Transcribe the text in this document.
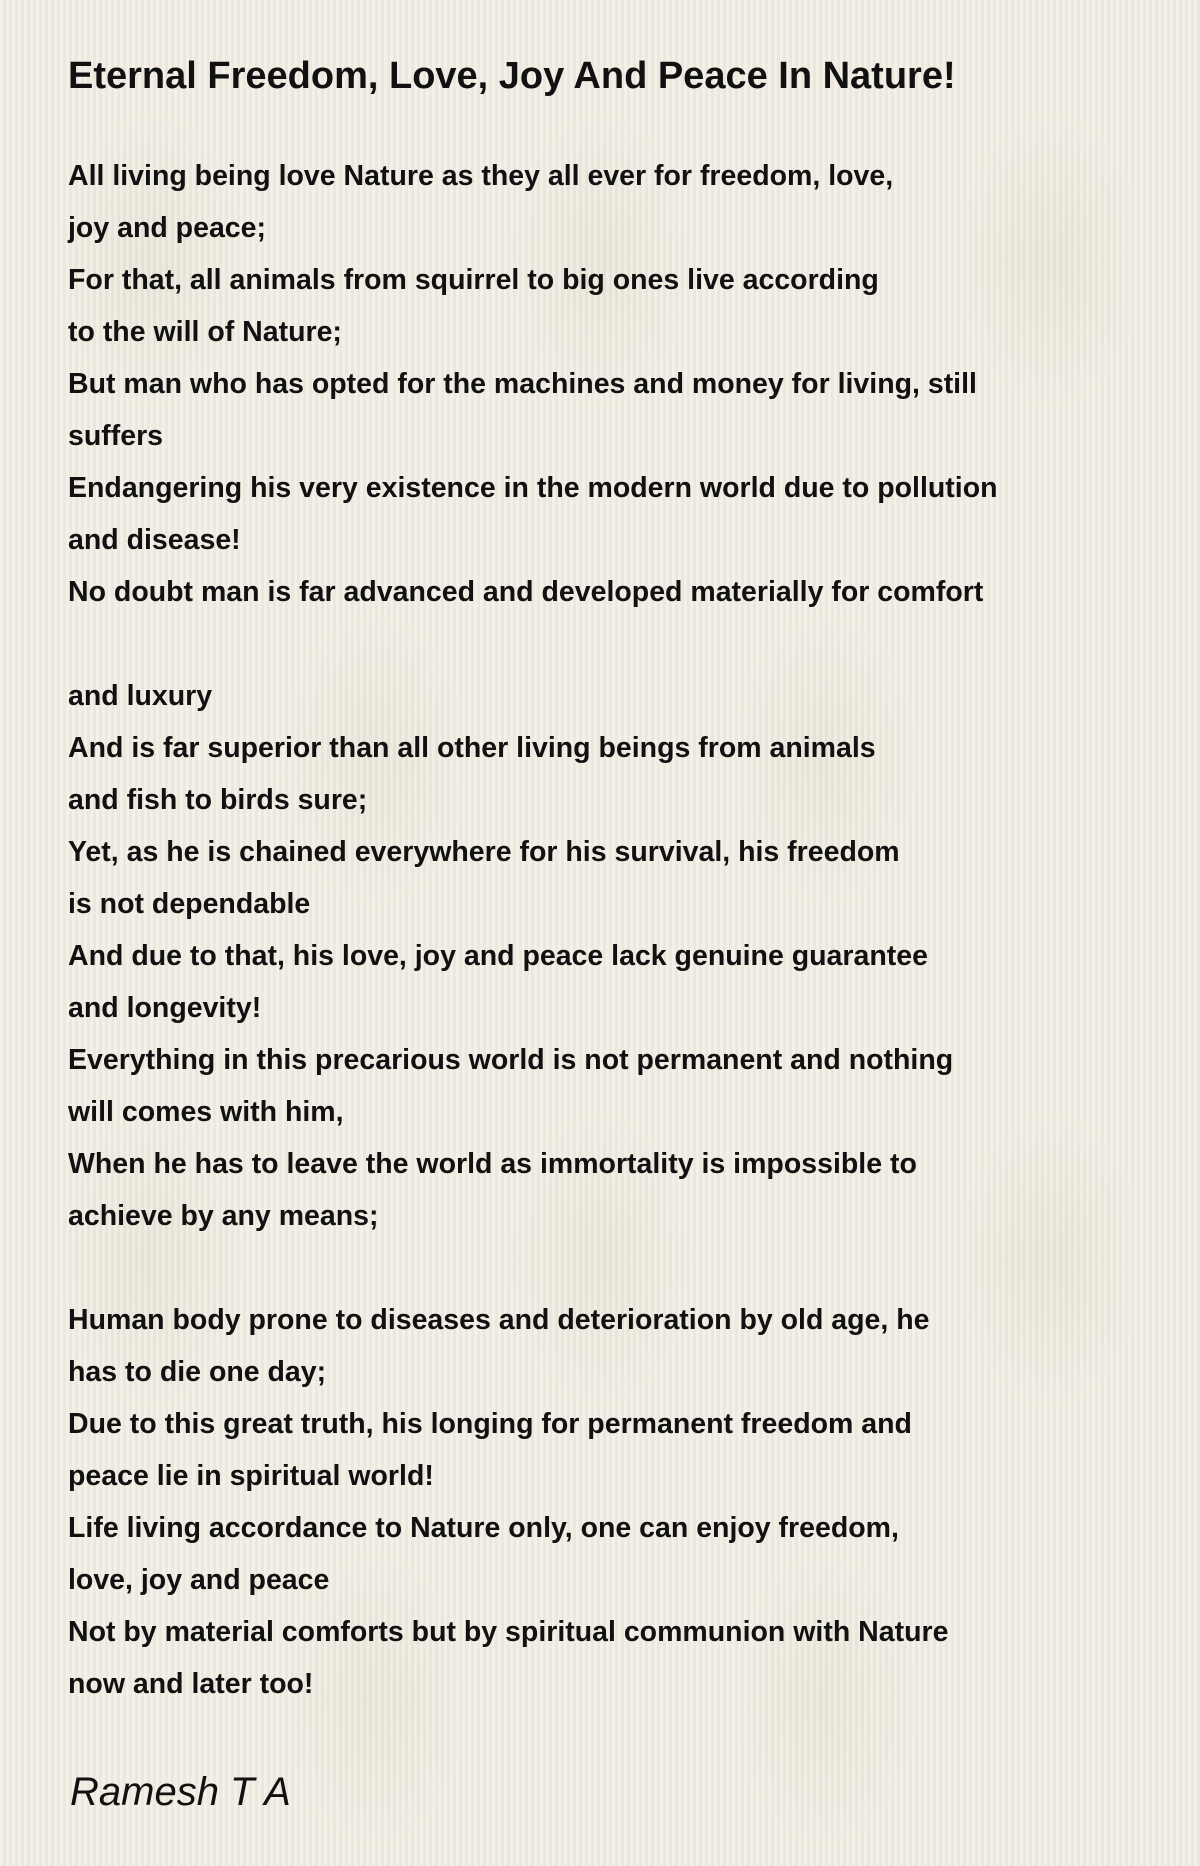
Eternal Freedom, Love, Joy And Peace In Nature!
All living being love Nature as they all ever for freedom, love,
joy and peace;
For that, all animals from squirrel to big ones live according
to the will of Nature;
But man who has opted for the machines and money for living, still
suffers
Endangering his very existence in the modern world due to pollution
and disease!
No doubt man is far advanced and developed materially for comfort
and luxury
And is far superior than all other living beings from animals
and fish to birds sure;
Yet, as he is chained everywhere for his survival, his freedom
is not dependable
And due to that, his love, joy and peace lack genuine guarantee
and longevity!
Everything in this precarious world is not permanent and nothing
will comes with him,
When he has to leave the world as immortality is impossible to
achieve by any means;
Human body prone to diseases and deterioration by old age, he
has to die one day;
Due to this great truth, his longing for permanent freedom and
peace lie in spiritual world!
Life living accordance to Nature only, one can enjoy freedom,
love, joy and peace
Not by material comforts but by spiritual communion with Nature
now and later too!
Ramesh T A
